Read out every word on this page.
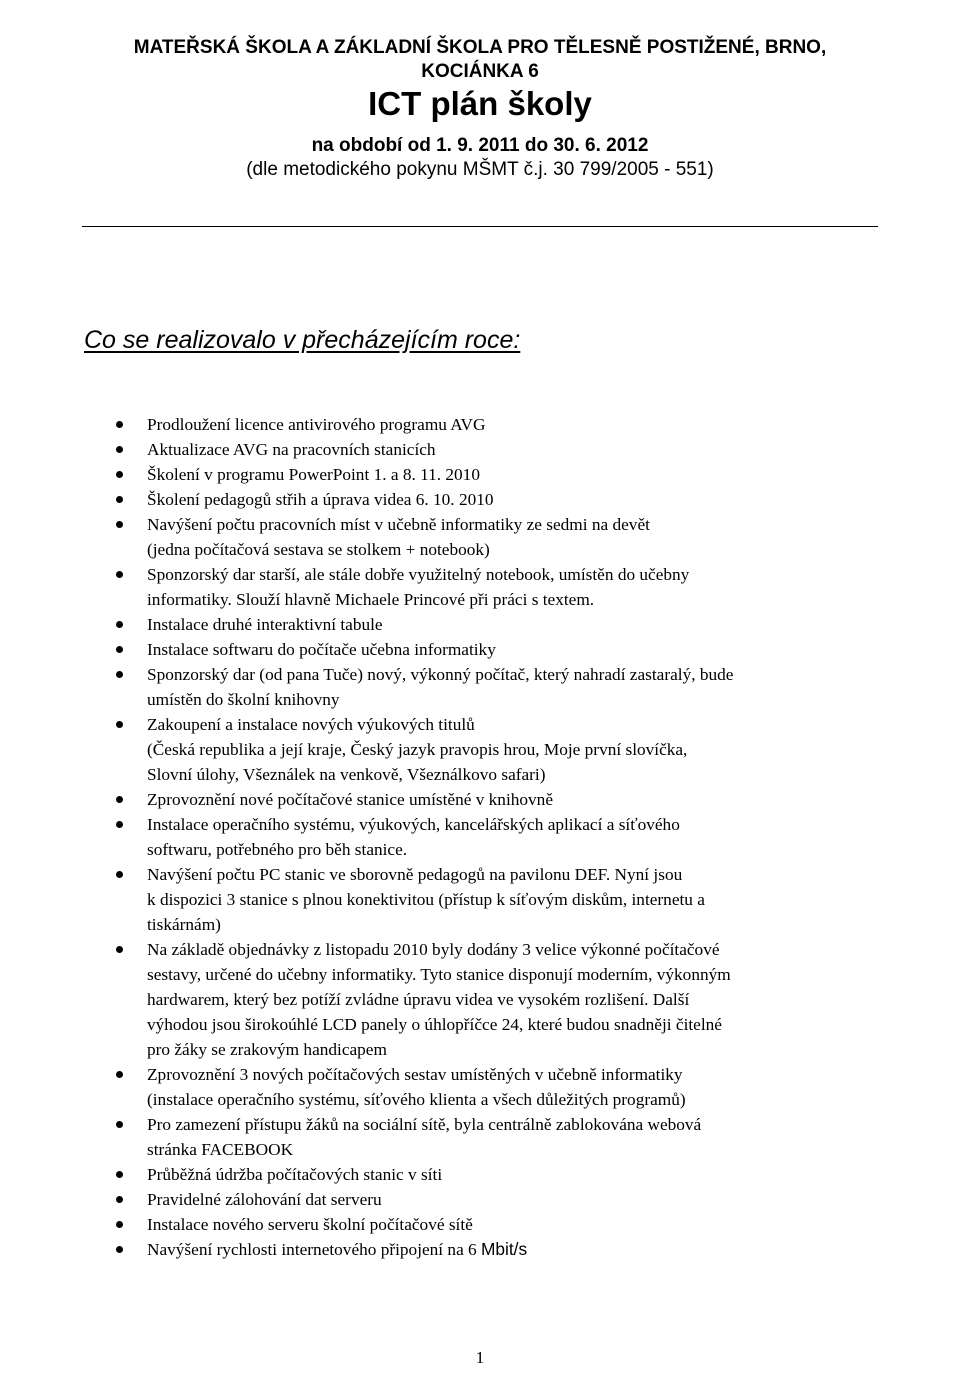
MATEŘSKÁ ŠKOLA A ZÁKLADNÍ ŠKOLA PRO TĚLESNĚ POSTIŽENÉ, BRNO,
KOCIÁNKA 6
ICT plán školy
na období od 1. 9. 2011 do 30. 6. 2012
(dle metodického pokynu MŠMT č.j. 30 799/2005 - 551)
Co se realizovalo v přecházejícím roce:
Prodloužení licence antivirového programu AVG
Aktualizace AVG na pracovních stanicích
Školení v programu PowerPoint 1. a 8. 11. 2010
Školení pedagogů střih a úprava videa 6. 10. 2010
Navýšení počtu pracovních míst v učebně informatiky ze sedmi na devět
(jedna počítačová sestava se stolkem + notebook)
Sponzorský dar starší, ale stále dobře využitelný notebook, umístěn do učebny
informatiky. Slouží hlavně Michaele Princové při práci s textem.
Instalace druhé interaktivní tabule
Instalace softwaru do počítače učebna informatiky
Sponzorský dar (od pana Tuče) nový, výkonný počítač, který nahradí zastaralý, bude
umístěn do školní knihovny
Zakoupení a instalace nových výukových titulů
(Česká republika a její kraje, Český jazyk pravopis hrou, Moje první slovíčka,
Slovní úlohy, Všeználek na venkově, Všeználkovo safari)
Zprovoznění nové počítačové stanice umístěné v knihovně
Instalace operačního systému, výukových, kancelářských aplikací a síťového
softwaru, potřebného pro běh stanice.
Navýšení počtu PC stanic ve sborovně pedagogů na pavilonu DEF. Nyní jsou
k dispozici 3 stanice s plnou konektivitou (přístup k síťovým diskům, internetu a
tiskárnám)
Na základě objednávky z listopadu 2010 byly dodány 3 velice výkonné počítačové
sestavy, určené do učebny informatiky. Tyto stanice disponují moderním, výkonným
hardwarem, který bez potíží zvládne úpravu videa ve vysokém rozlišení. Další
výhodou jsou širokoúhlé LCD panely o úhlopříčce 24, které budou snadněji čitelné
pro žáky se zrakovým handicapem
Zprovoznění 3 nových počítačových sestav umístěných v učebně informatiky
(instalace operačního systému, síťového klienta a všech důležitých programů)
Pro zamezení přístupu žáků na sociální sítě, byla centrálně zablokována webová
stránka FACEBOOK
Průběžná údržba počítačových stanic v síti
Pravidelné zálohování dat serveru
Instalace nového serveru školní počítačové sítě
Navýšení rychlosti internetového připojení na 6 Mbit/s
1
